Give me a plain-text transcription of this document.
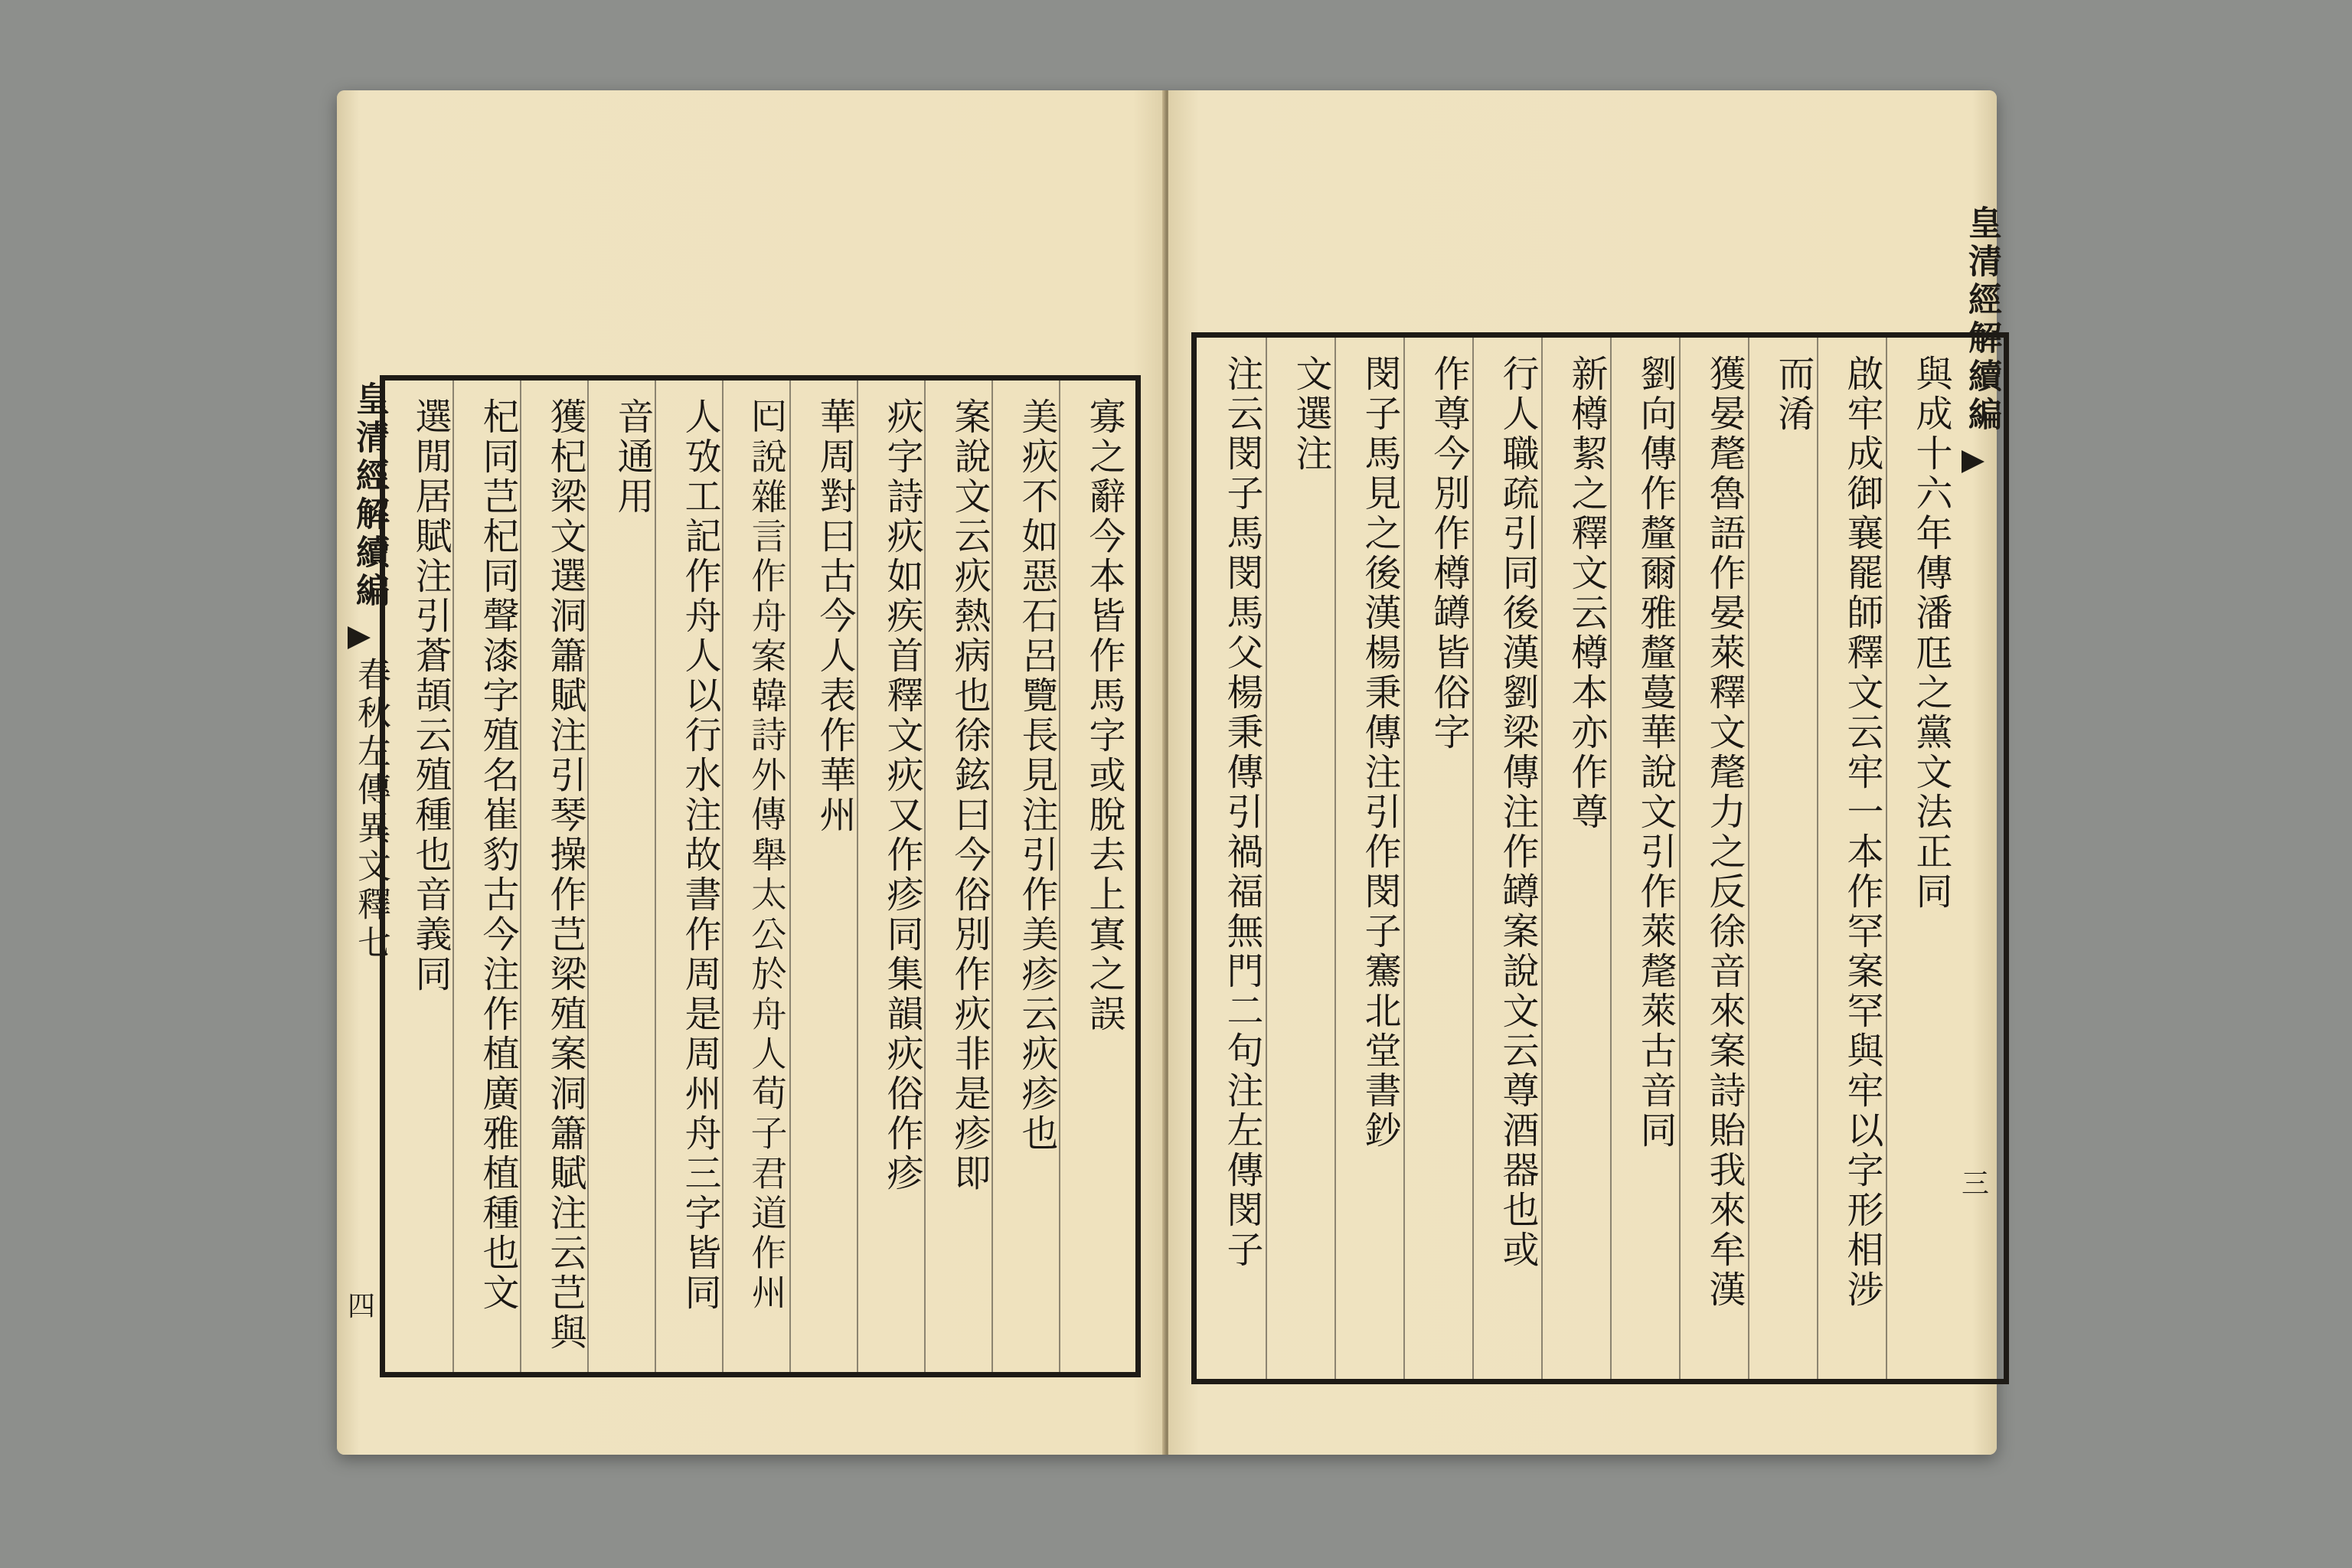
皇清經解續編
春秋左傳異文釋七
四
寡之辭今本皆作馬字或脫去上寘之誤
美疢不如惡石呂覽長見注引作美疹云疢疹也
案說文云疢熱病也徐鉉曰今俗別作疢非是疹即
疢字詩疢如疾首釋文疢又作疹同集韻疢俗作疹
華周對曰古今人表作華州
𠕃說雜言作舟案韓詩外傳舉太公於舟人荀子君道作州
人攷工記作舟人以行水注故書作周是周州舟三字皆同
音通用
獲杞梁文選洞簫賦注引琴操作芑梁殖案洞簫賦注云芑與
杞同芑杞同聲漆字殖名崔豹古今注作植廣雅植種也文
選閒居賦注引蒼頡云殖種也音義同	與成十六年傳潘尫之黨文法正同
啟牢成御襄罷師釋文云牢一本作罕案罕與牢以字形相涉
而淆
獲晏氂魯語作晏萊釋文氂力之反徐音來案詩貽我來牟漢
劉向傳作釐爾雅釐蔓華說文引作萊氂萊古音同
新樽絜之釋文云樽本亦作尊
行人職疏引同後漢劉梁傳注作罇案說文云尊酒器也或
作尊今別作樽罇皆俗字
閔子馬見之後漢楊秉傳注引作閔子騫北堂書鈔
文選注
注云閔子馬閔馬父楊秉傳引禍福無門二句注左傳閔子
皇清經解續編
三
